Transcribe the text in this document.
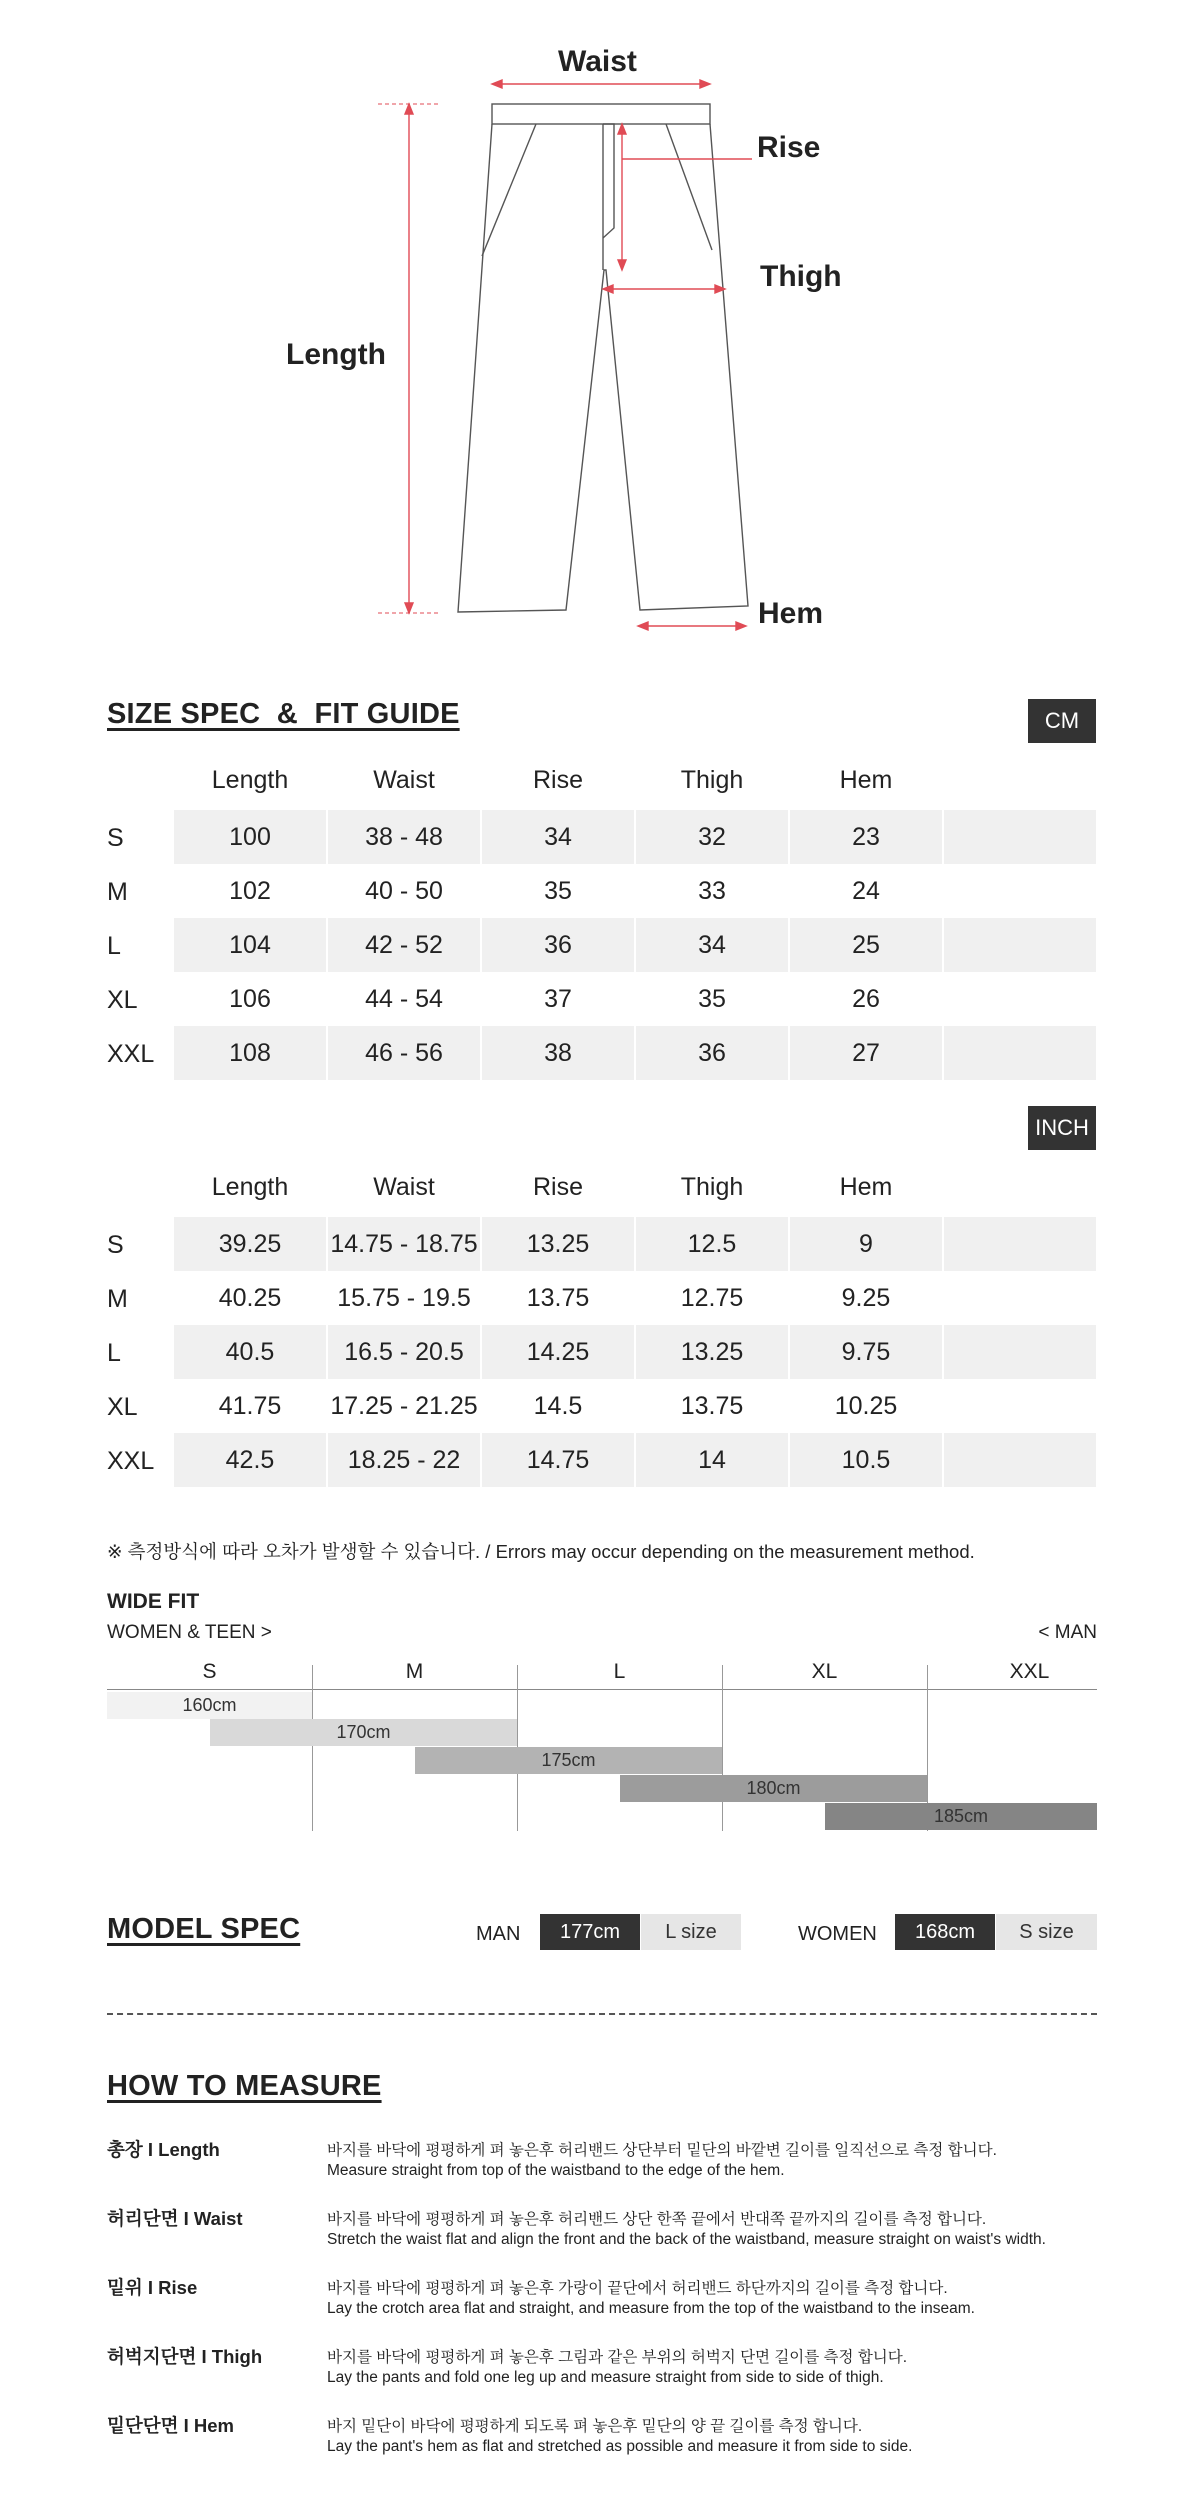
Waist
Rise
Thigh
Length
Hem
SIZE SPEC  &  FIT GUIDE	CM
Length	Waist	Rise	Thigh	Hem
S	100	38 - 48	34	32	23
M	102	40 - 50	35	33	24
L	104	42 - 52	36	34	25
XL	106	44 - 54	37	35	26
XXL	108	46 - 56	38	36	27
INCH
Length	Waist	Rise	Thigh	Hem
S	39.25	14.75 - 18.75	13.25	12.5	9
M	40.25	15.75 - 19.5	13.75	12.75	9.25
L	40.5	16.5 - 20.5	14.25	13.25	9.75
XL	41.75	17.25 - 21.25	14.5	13.75	10.25
XXL	42.5	18.25 - 22	14.75	14	10.5

※ 측정방식에 따라 오차가 발생할 수 있습니다. / Errors may occur depending on the measurement method.

WIDE FIT
WOMEN & TEEN >	< MAN
S	M	L	XL	XXL
160cm
170cm
175cm
180cm
185cm
MODEL SPEC	MAN	177cm	L size	WOMEN	168cm	S size
HOW TO MEASURE
총장 I Length	바지를 바닥에 평평하게 펴 놓은후 허리밴드 상단부터 밑단의 바깥변 길이를 일직선으로 측정 합니다.
Measure straight from top of the waistband to the edge of the hem.
허리단면 I Waist	바지를 바닥에 평평하게 펴 놓은후 허리밴드 상단 한쪽 끝에서 반대쪽 끝까지의 길이를 측정 합니다.
Stretch the waist flat and align the front and the back of the waistband, measure straight on waist's width.
밑위 I Rise	바지를 바닥에 평평하게 펴 놓은후 가랑이 끝단에서 허리밴드 하단까지의 길이를 측정 합니다.
Lay the crotch area flat and straight, and measure from the top of the waistband to the inseam.
허벅지단면 I Thigh	바지를 바닥에 평평하게 펴 놓은후 그림과 같은 부위의 허벅지 단면 길이를 측정 합니다.
Lay the pants and fold one leg up and measure straight from side to side of thigh.
밑단단면 I Hem	바지 밑단이 바닥에 평평하게 되도록 펴 놓은후 밑단의 양 끝 길이를 측정 합니다.
Lay the pant's hem as flat and stretched as possible and measure it from side to side.
